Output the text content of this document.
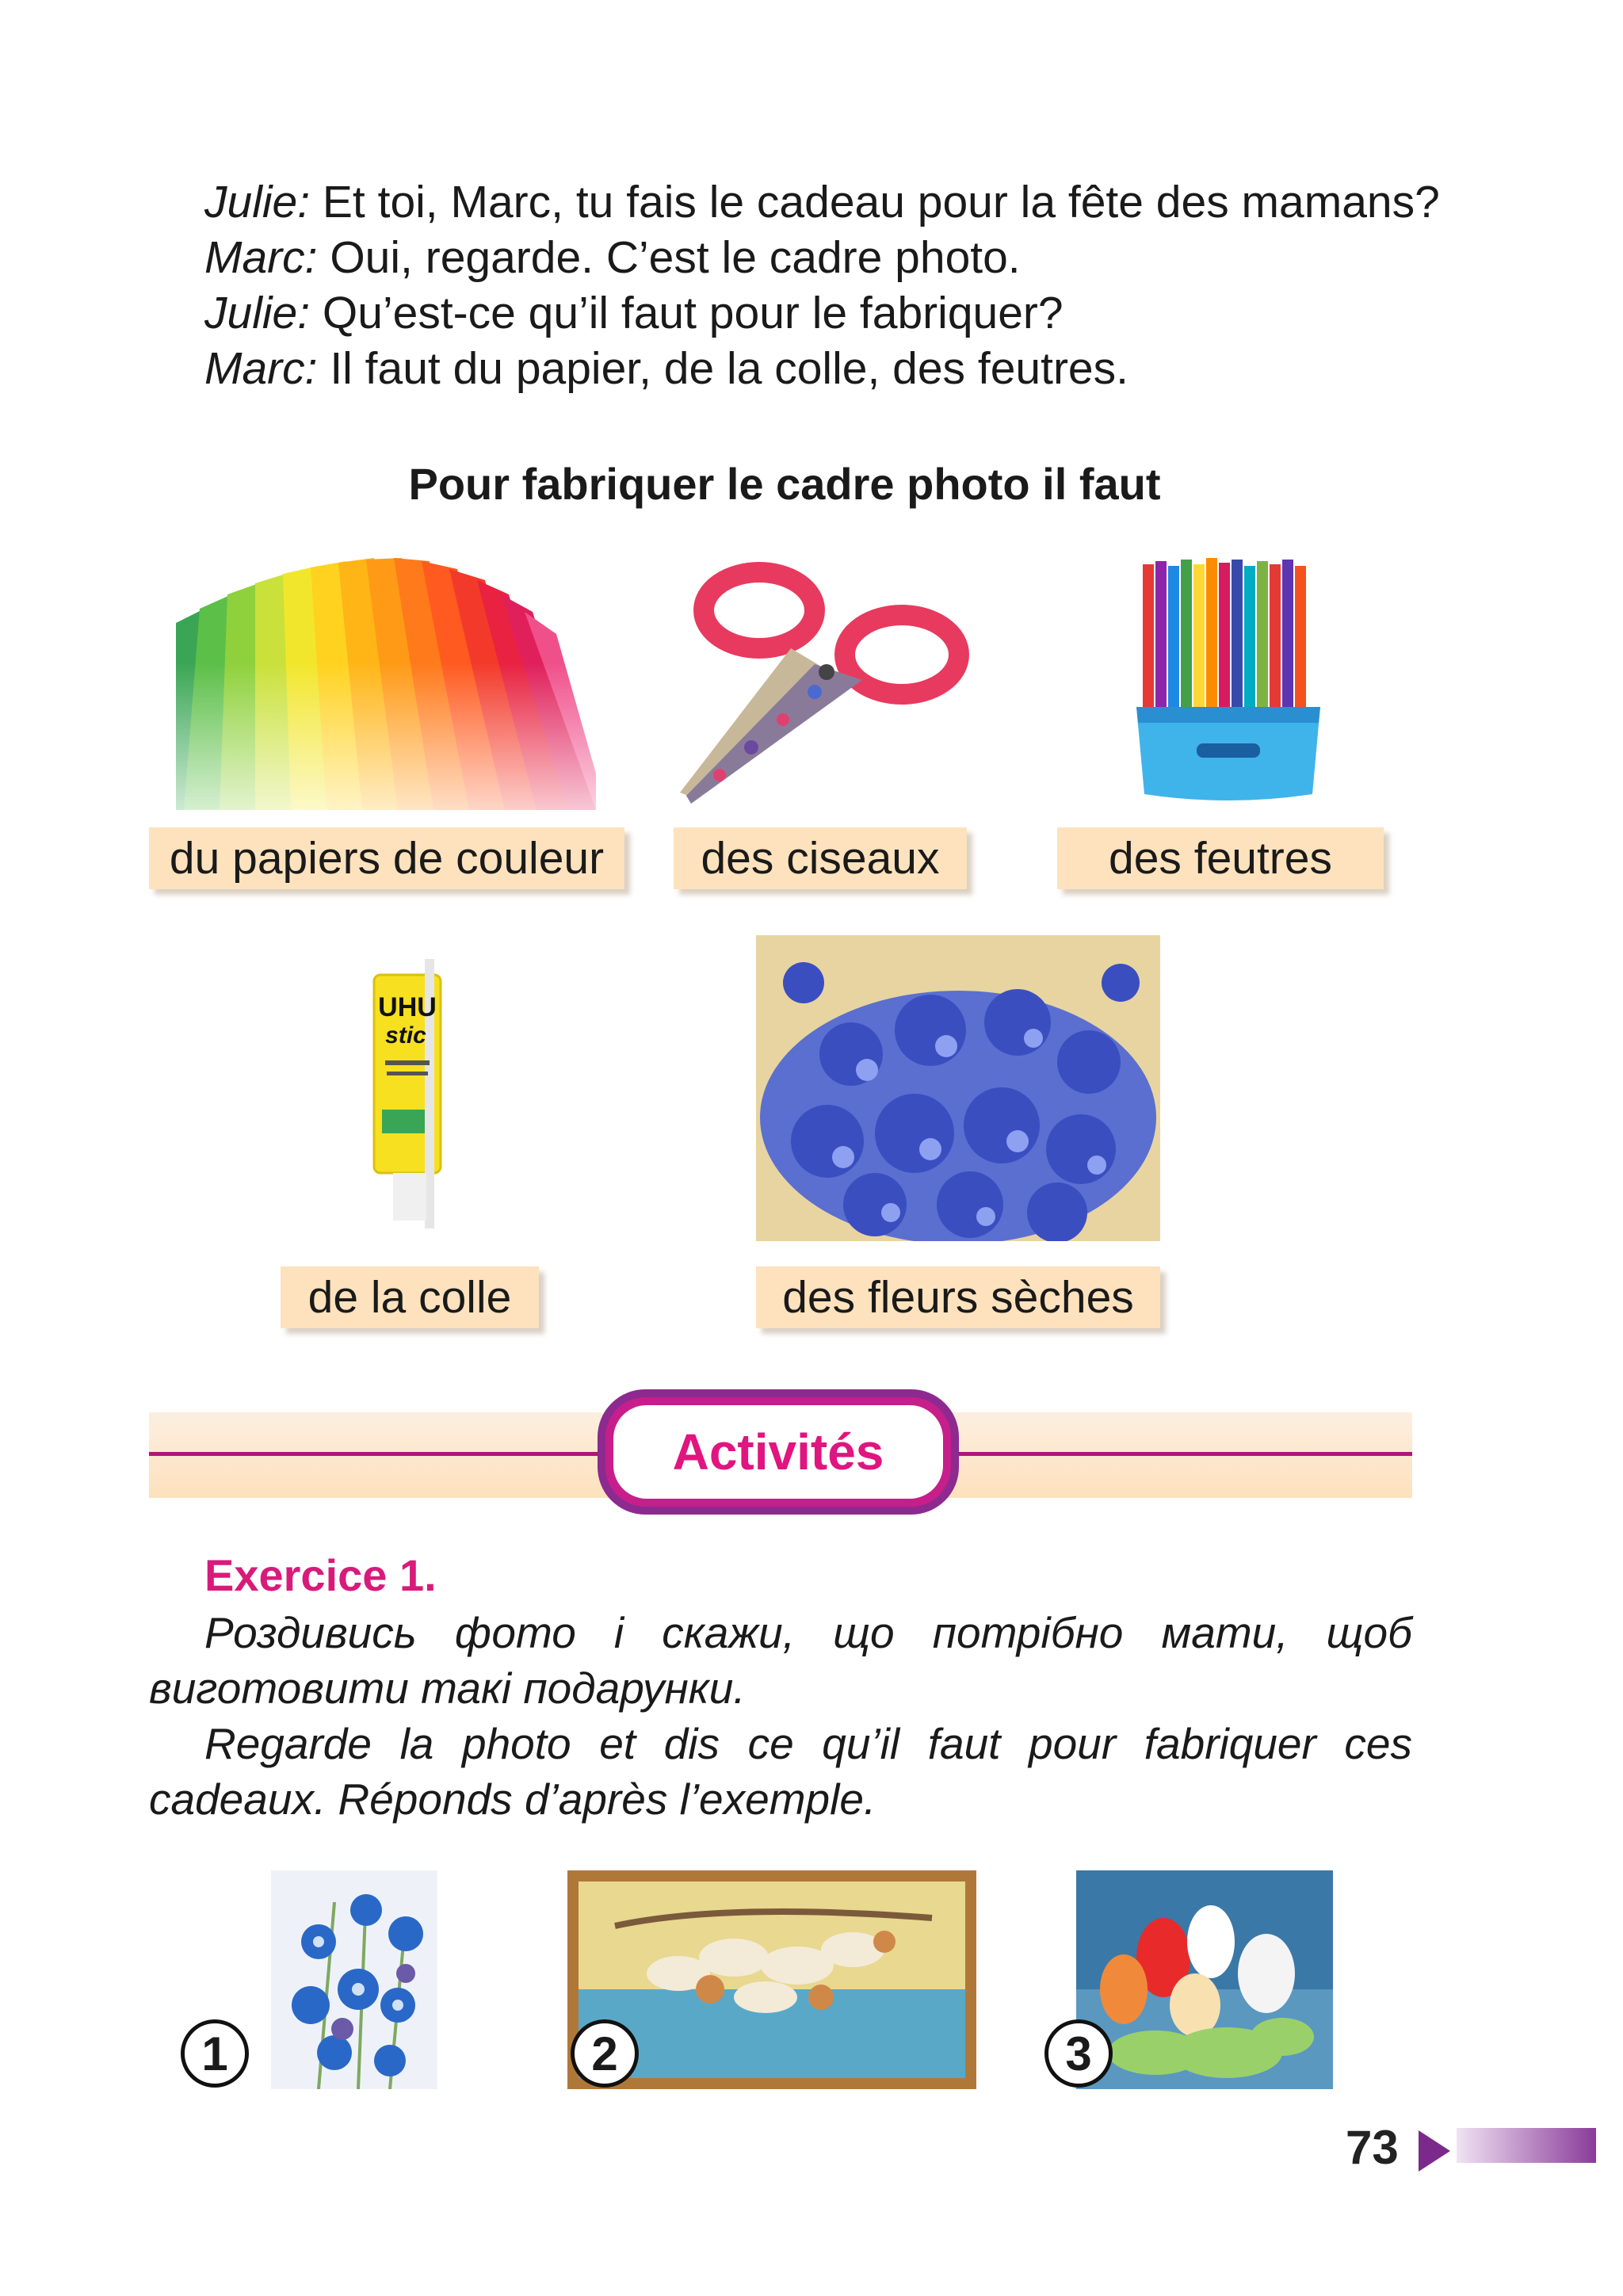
Julie: Et toi, Marc, tu fais le cadeau pour la fête des mamans?
Marc: Oui, regarde. C’est le cadre photo.
Julie: Qu’est-ce qu’il faut pour le fabriquer?
Marc: Il faut du papier, de la colle, des feutres.
Pour fabriquer le cadre photo il faut
du papiers de couleur	des ciseaux	des feutres
UHU
stic
de la colle	des fleurs sèches
Activités
Exercice 1.
Роздивись фото і скажи, що потрібно мати, щоб виготовити такі подарунки.
Regarde la photo et dis ce qu’il faut pour fabriquer ces cadeaux. Réponds d’après l’exemple.
1	2	3
73
